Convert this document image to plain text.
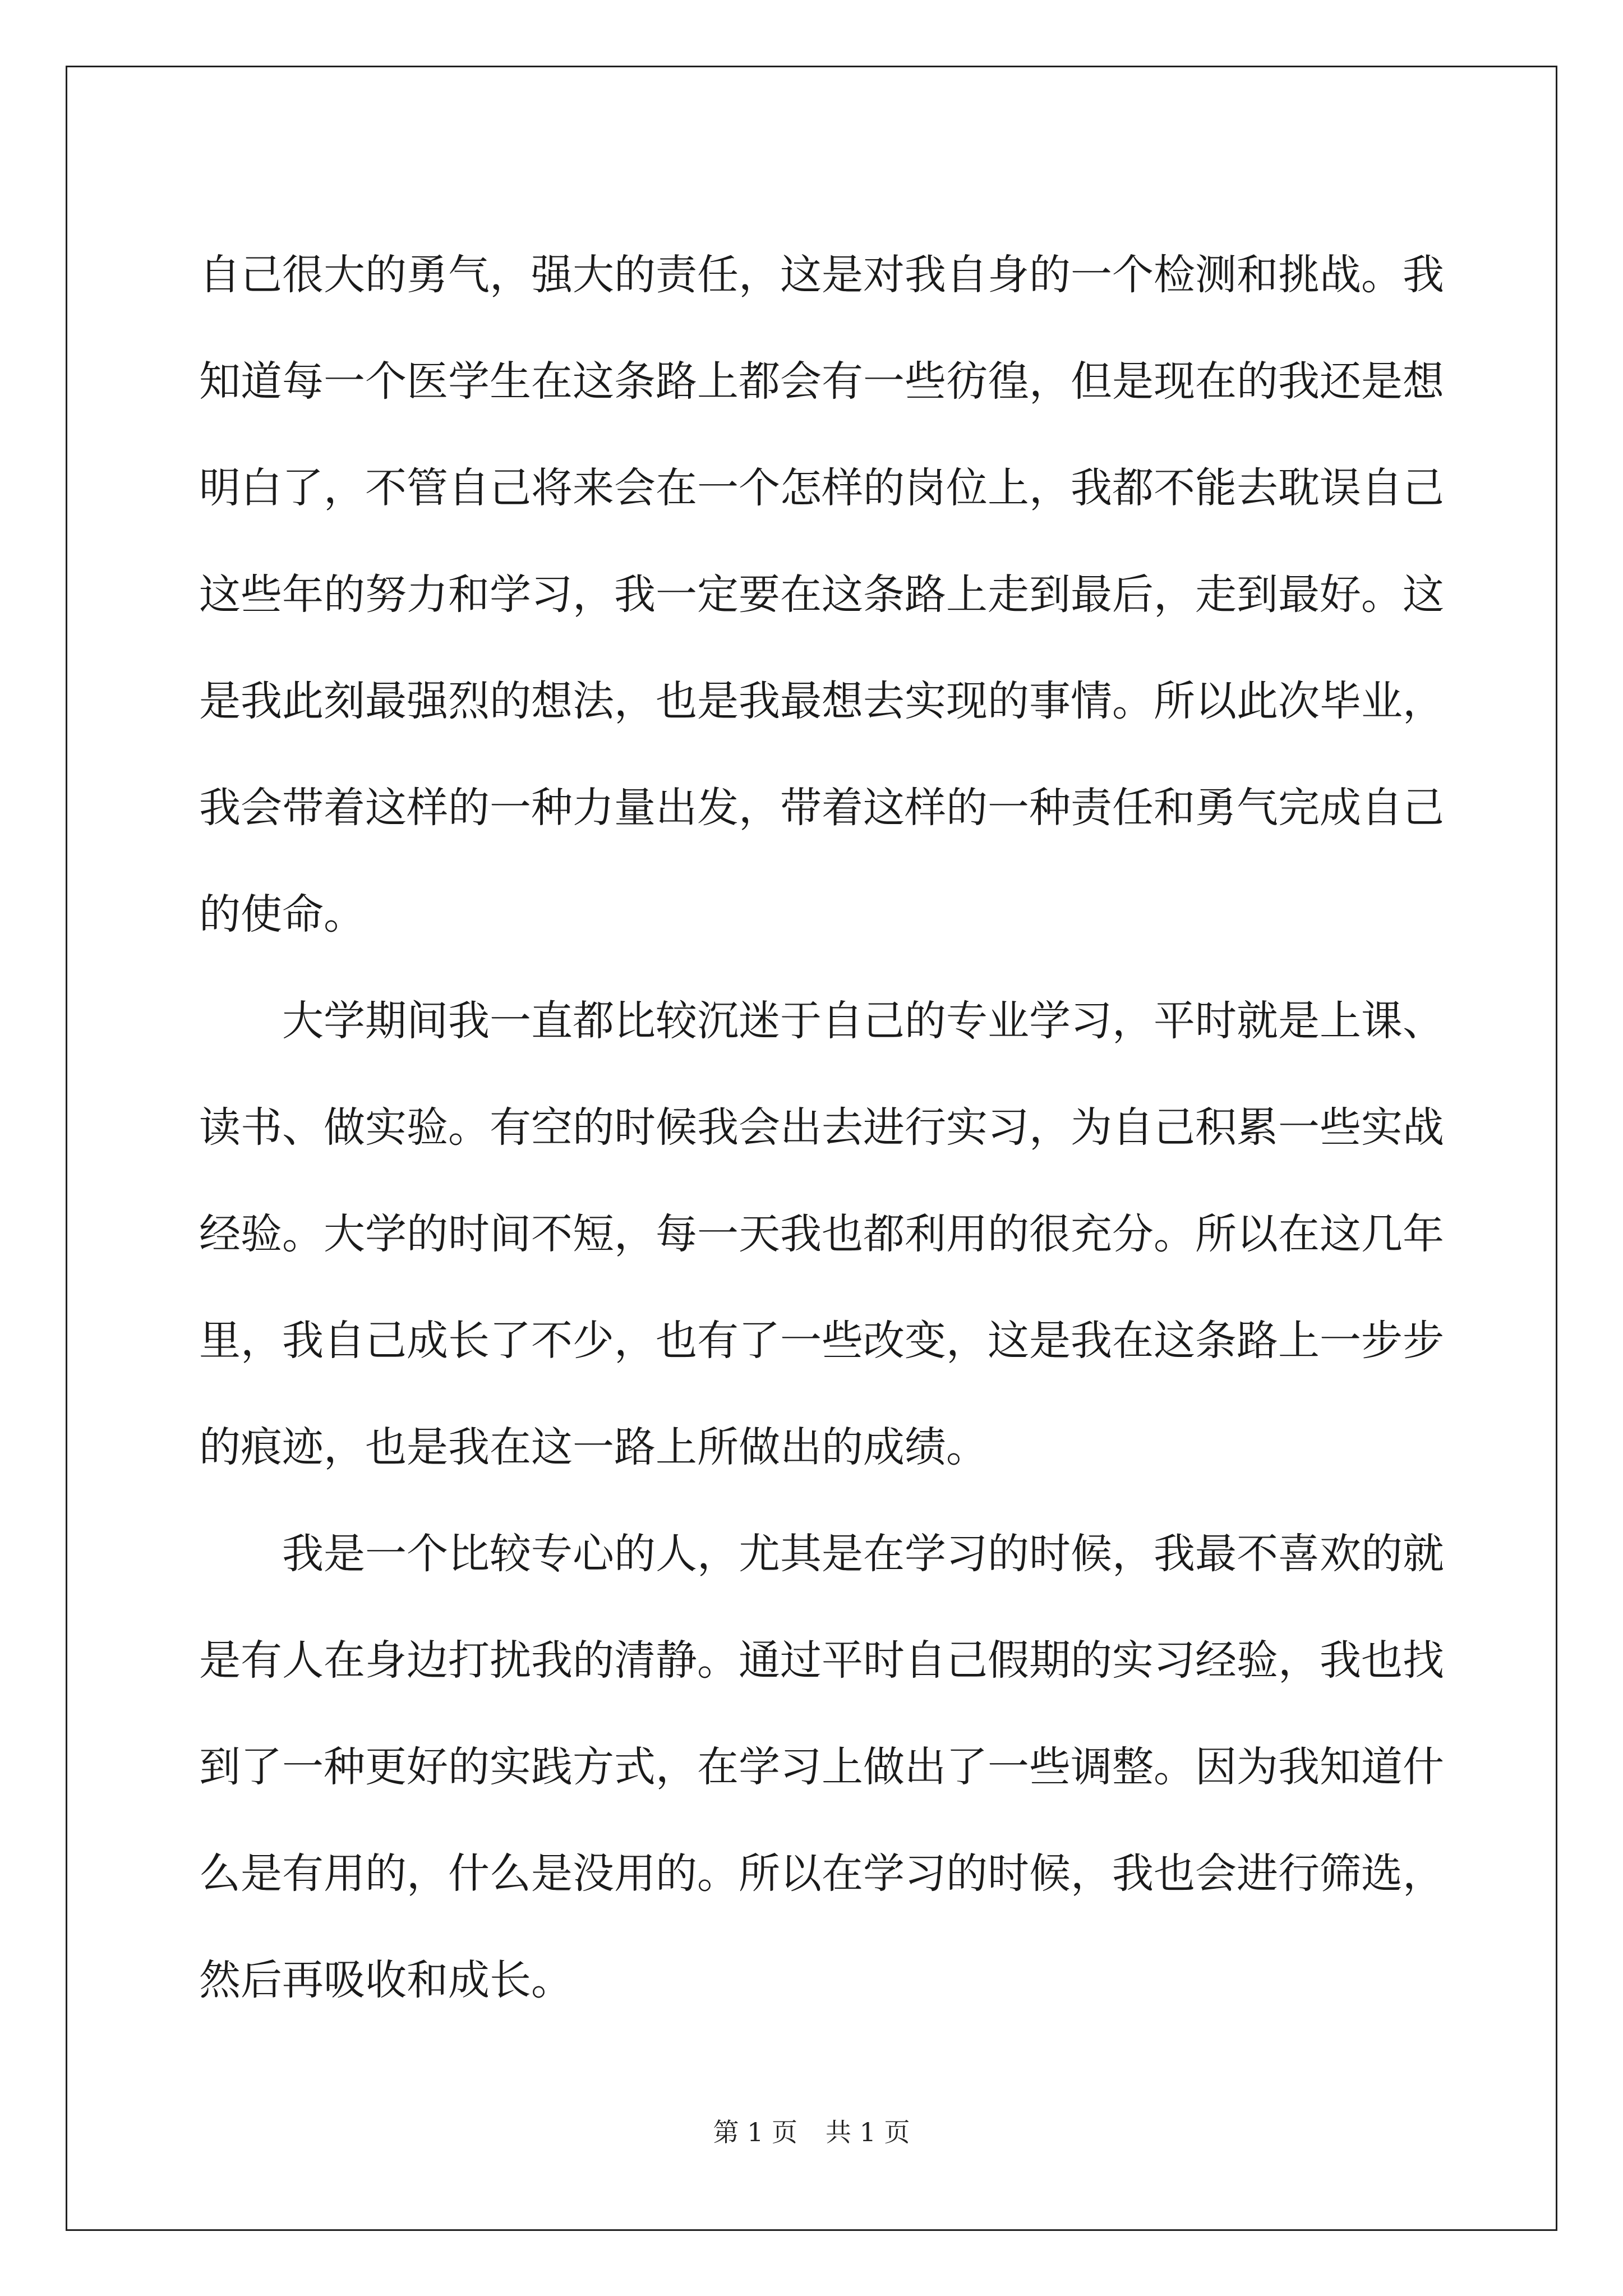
自 己 很 大 的 勇 气 ， 强 大 的 责 任 ， 这 是 对 我 自 身 的 一 个 检 测 和 挑 战 。 我
知 道 每 一 个 医 学 生 在 这 条 路 上 都 会 有 一 些 彷 徨 ， 但 是 现 在 的 我 还 是 想
明 白 了 ， 不 管 自 己 将 来 会 在 一 个 怎 样 的 岗 位 上 ， 我 都 不 能 去 耽 误 自 己
这 些 年 的 努 力 和 学 习 ， 我 一 定 要 在 这 条 路 上 走 到 最 后 ， 走 到 最 好 。 这
是 我 此 刻 最 强 烈 的 想 法 ， 也 是 我 最 想 去 实 现 的 事 情 。 所 以 此 次 毕 业 ，
我 会 带 着 这 样 的 一 种 力 量 出 发 ， 带 着 这 样 的 一 种 责 任 和 勇 气 完 成 自 己
的使命。

大 学 期 间 我 一 直 都 比 较 沉 迷 于 自 己 的 专 业 学 习 ， 平 时 就 是 上 课 、
读 书 、 做 实 验 。 有 空 的 时 候 我 会 出 去 进 行 实 习 ， 为 自 己 积 累 一 些 实 战
经 验 。 大 学 的 时 间 不 短 ， 每 一 天 我 也 都 利 用 的 很 充 分 。 所 以 在 这 几 年
里 ， 我 自 己 成 长 了 不 少 ， 也 有 了 一 些 改 变 ， 这 是 我 在 这 条 路 上 一 步 步
的痕迹，也是我在这一路上所做出的成绩。

我 是 一 个 比 较 专 心 的 人 ， 尤 其 是 在 学 习 的 时 候 ， 我 最 不 喜 欢 的 就
是 有 人 在 身 边 打 扰 我 的 清 静 。 通 过 平 时 自 己 假 期 的 实 习 经 验 ， 我 也 找
到 了 一 种 更 好 的 实 践 方 式 ， 在 学 习 上 做 出 了 一 些 调 整 。 因 为 我 知 道 什
么 是 有 用 的 ， 什 么 是 没 用 的 。 所 以 在 学 习 的 时 候 ， 我 也 会 进 行 筛 选 ，
然后再吸收和成长。
第 1 页 共 1 页
